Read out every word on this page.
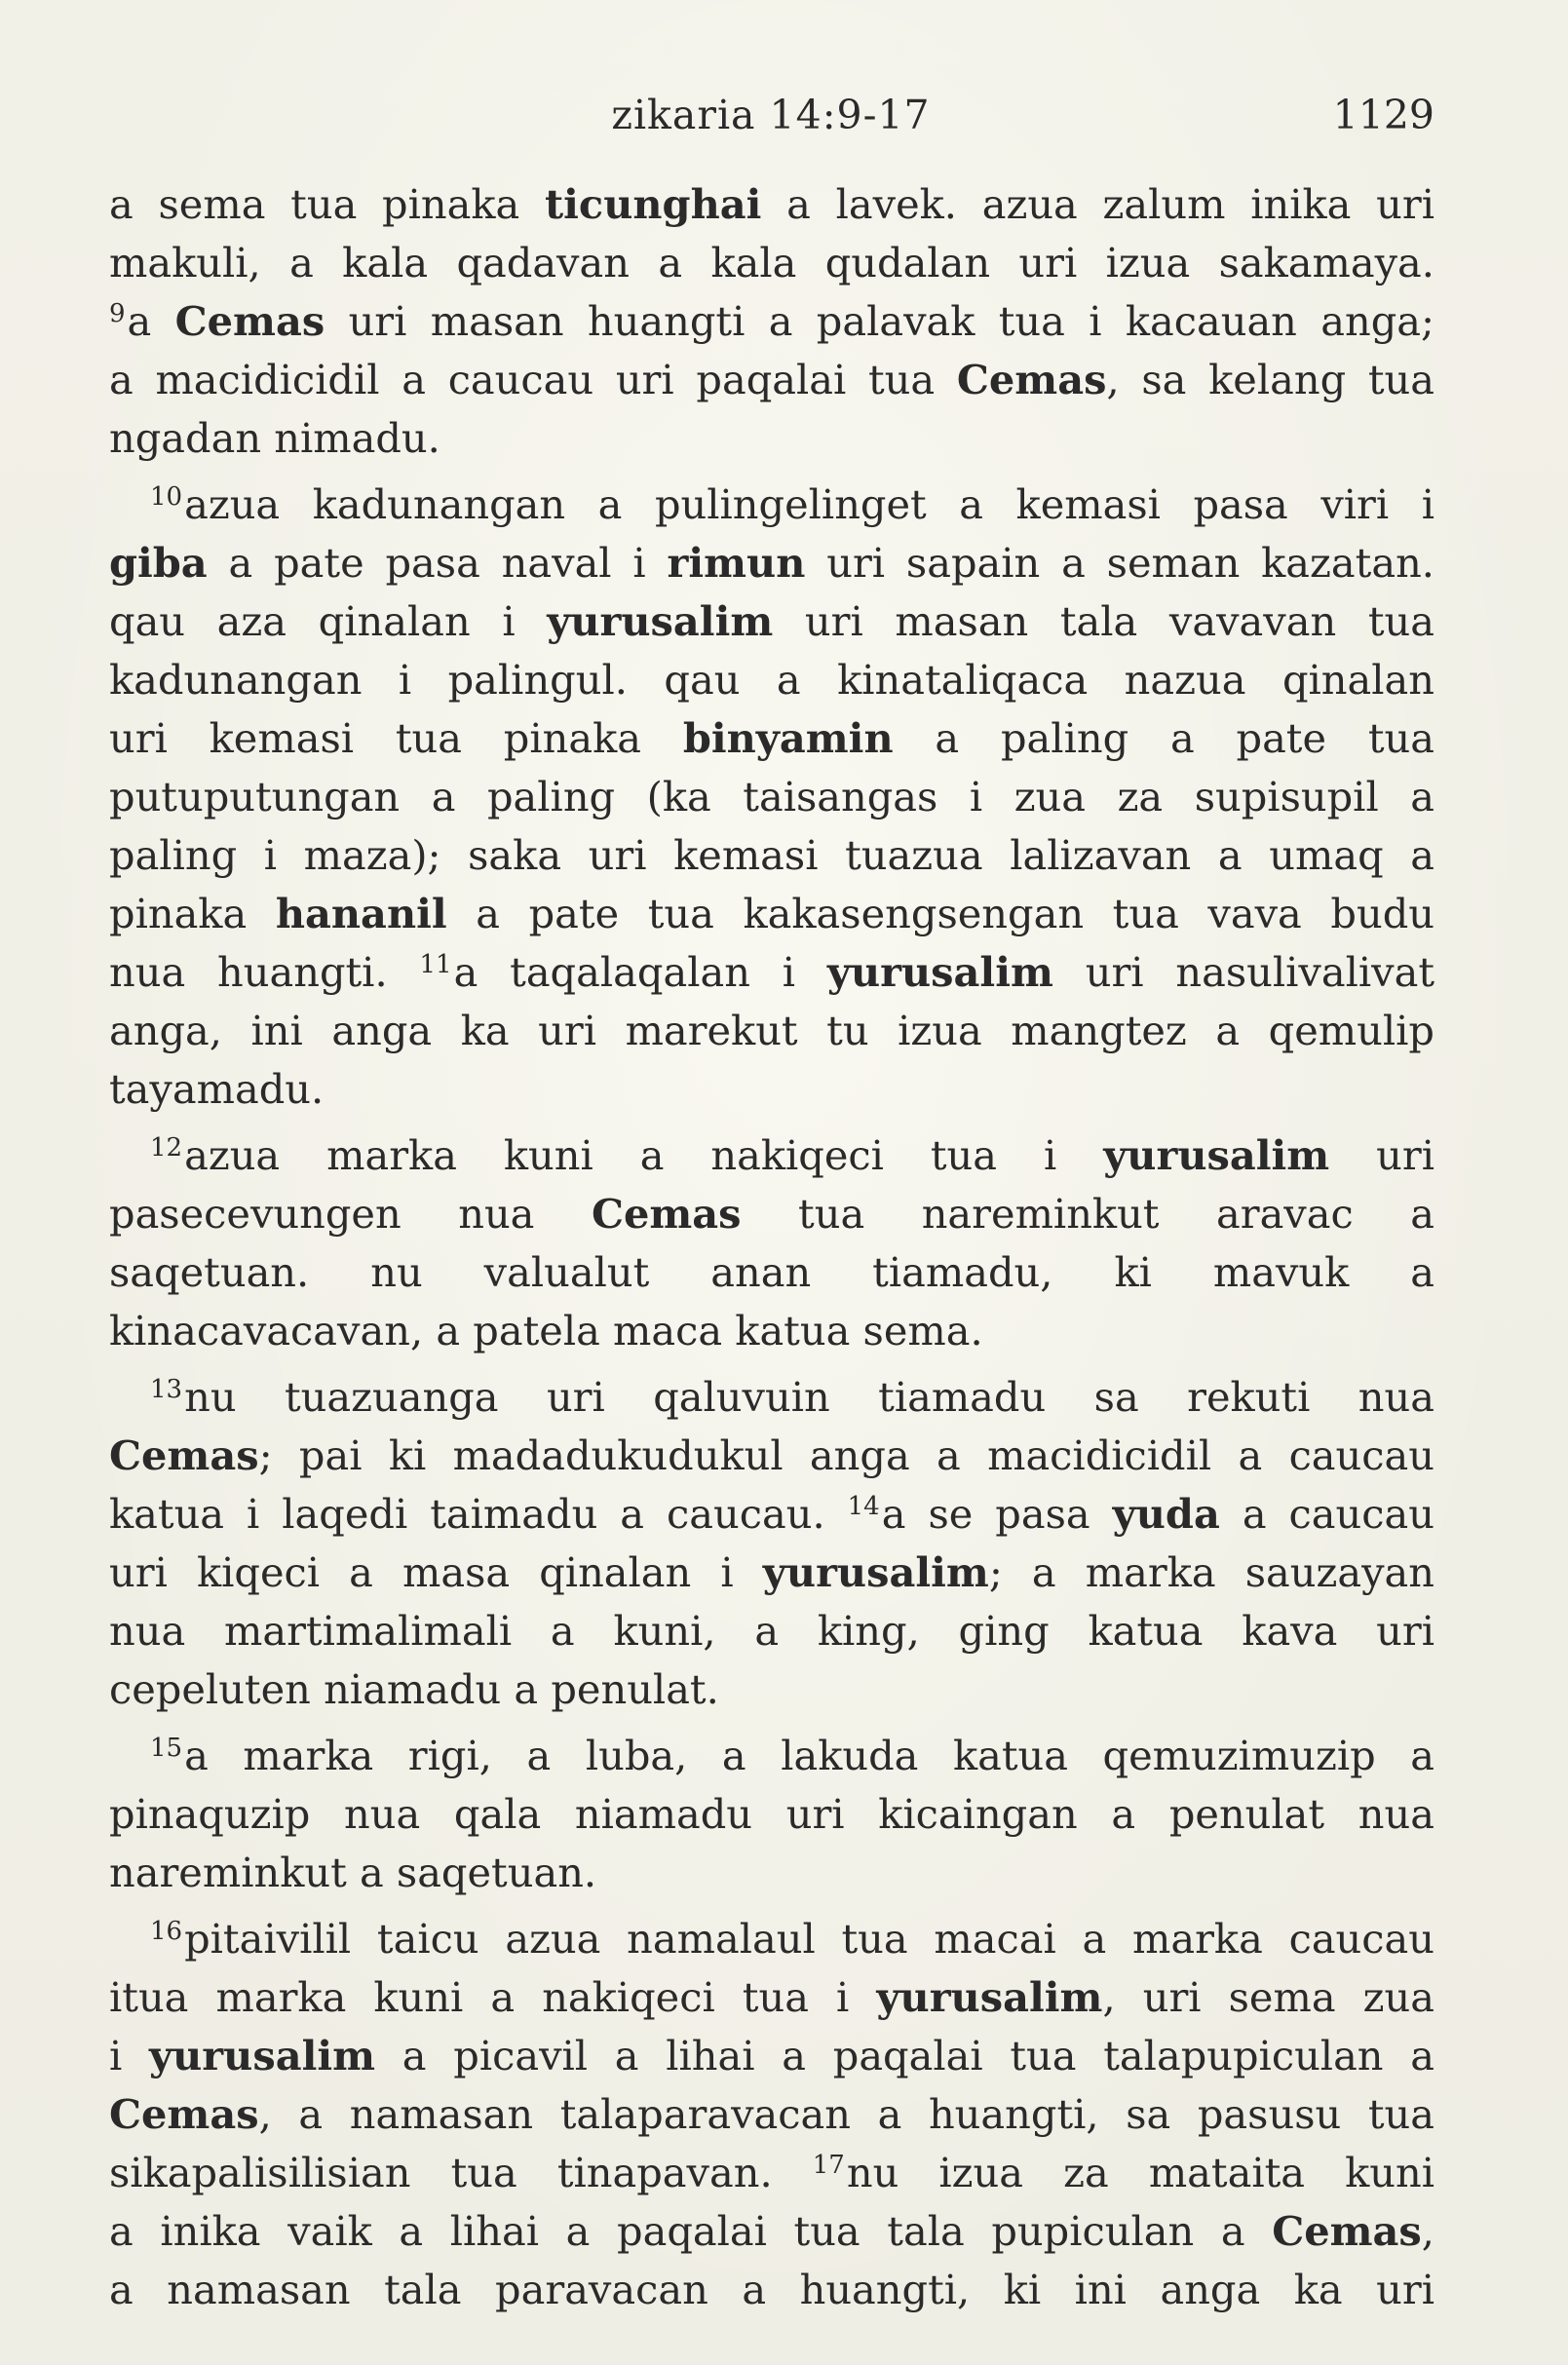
zikaria 14:9-17	1129
a sema tua pinaka ticunghai a lavek. azua zalum inika uri
makuli, a kala qadavan a kala qudalan uri izua sakamaya.
$^9$a Cemas uri masan huangti a palavak tua i kacauan anga;
a macidicidil a caucau uri paqalai tua Cemas, sa kelang tua
ngadan nimadu.
$^{10}$azua kadunangan a pulingelinget a kemasi pasa viri i
giba a pate pasa naval i rimun uri sapain a seman kazatan.
qau aza qinalan i yurusalim uri masan tala vavavan tua
kadunangan i palingul. qau a kinataliqaca nazua qinalan
uri kemasi tua pinaka binyamin a paling a pate tua
putuputungan a paling (ka taisangas i zua za supisupil a
paling i maza); saka uri kemasi tuazua lalizavan a umaq a
pinaka hananil a pate tua kakasengsengan tua vava budu
nua huangti. $^{11}$a taqalaqalan i yurusalim uri nasulivalivat
anga, ini anga ka uri marekut tu izua mangtez a qemulip
tayamadu.
$^{12}$azua marka kuni a nakiqeci tua i yurusalim uri
pasecevungen nua Cemas tua nareminkut aravac a
saqetuan. nu valualut anan tiamadu, ki mavuk a
kinacavacavan, a patela maca katua sema.
$^{13}$nu tuazuanga uri qaluvuin tiamadu sa rekuti nua
Cemas; pai ki madadukudukul anga a macidicidil a caucau
katua i laqedi taimadu a caucau. $^{14}$a se pasa yuda a caucau
uri kiqeci a masa qinalan i yurusalim; a marka sauzayan
nua martimalimali a kuni, a king, ging katua kava uri
cepeluten niamadu a penulat.
$^{15}$a marka rigi, a luba, a lakuda katua qemuzimuzip a
pinaquzip nua qala niamadu uri kicaingan a penulat nua
nareminkut a saqetuan.
$^{16}$pitaivilil taicu azua namalaul tua macai a marka caucau
itua marka kuni a nakiqeci tua i yurusalim, uri sema zua
i yurusalim a picavil a lihai a paqalai tua talapupiculan a
Cemas, a namasan talaparavacan a huangti, sa pasusu tua
sikapalisilisian tua tinapavan. $^{17}$nu izua za mataita kuni
a inika vaik a lihai a paqalai tua tala pupiculan a Cemas,
a namasan tala paravacan a huangti, ki ini anga ka uri
